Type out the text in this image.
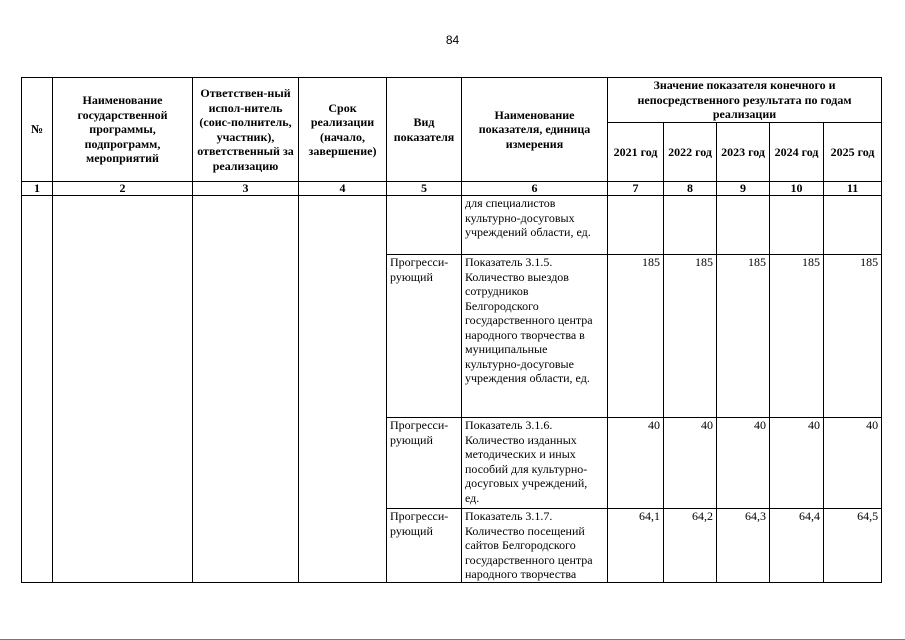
84
№	Наименование государственной программы, подпрограмм, мероприятий	Ответствен-ный испол-нитель (соис-полнитель, участник), ответственный за реализацию	Срок реализации (начало, завершение)	Вид показателя	Наименование показателя, единица измерения	Значение показателя конечного и непосредственного результата по годам реализации				
						2021 год	2022 год	2023 год	2024 год	2025 год
1	2	3	4	5	6	7	8	9	10	11
					для специалистов культурно-досуговых учреждений области, ед.					
				Прогресси-рующий	Показатель 3.1.5. Количество выездов сотрудников Белгородского государственного центра народного творчества в муниципальные культурно-досуговые учреждения области, ед.	185	185	185	185	185
				Прогресси-рующий	Показатель 3.1.6. Количество изданных методических и иных пособий для культурно-досуговых учреждений, ед.	40	40	40	40	40
				Прогресси-рующий	Показатель 3.1.7. Количество посещений сайтов Белгородского государственного центра народного творчества	64,1	64,2	64,3	64,4	64,5
